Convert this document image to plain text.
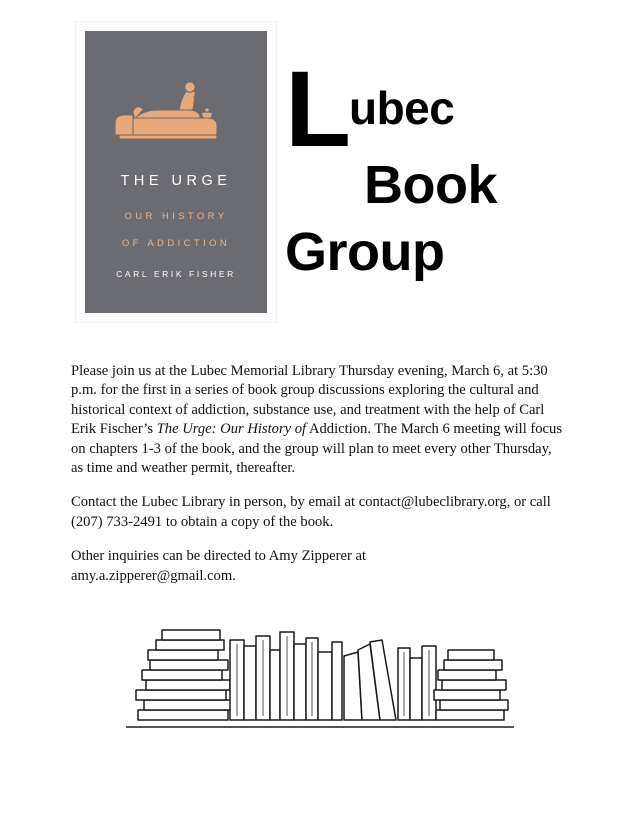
THE URGE
OUR HISTORY
OF ADDICTION
CARL ERIK FISHER
Lubec
Book
Group

Please join us at the Lubec Memorial Library Thursday evening, March 6, at 5:30 p.m. for the first in a series of book group discussions exploring the cultural and historical context of addiction, substance use, and treatment with the help of Carl Erik Fischer’s The Urge: Our History of Addiction. The March 6 meeting will focus on chapters 1-3 of the book, and the group will plan to meet every other Thursday, as time and weather permit, thereafter.

Contact the Lubec Library in person, by email at contact@lubeclibrary.org, or call (207) 733-2491 to obtain a copy of the book.

Other inquiries can be directed to Amy Zipperer at
amy.a.zipperer@gmail.com.
